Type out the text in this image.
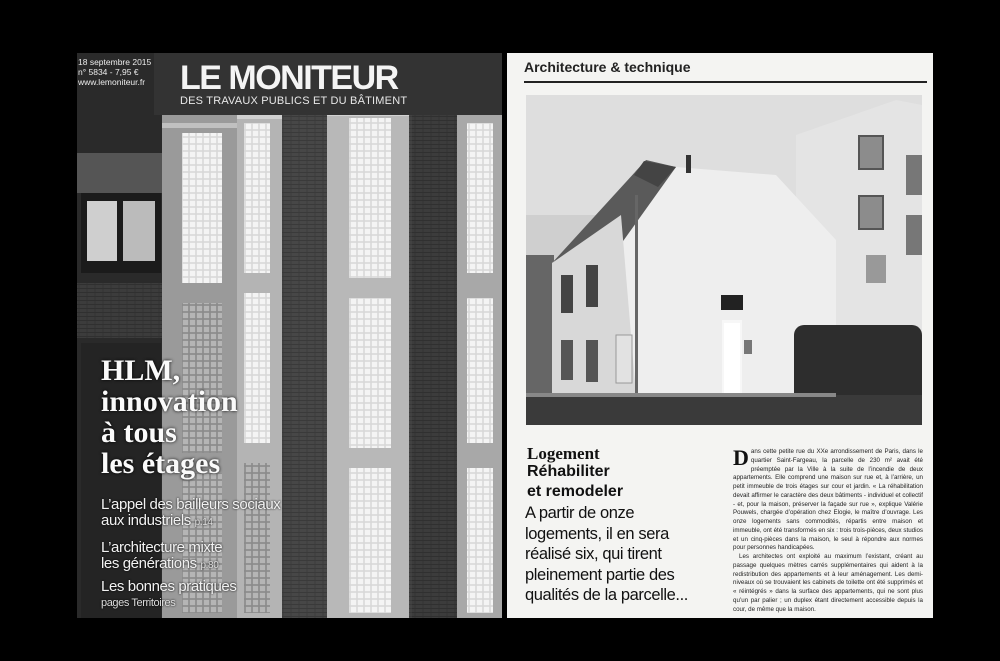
18 septembre 2015
n° 5834 - 7,95 €
www.lemoniteur.fr LE MONITEUR
DES TRAVAUX PUBLICS ET DU BÂTIMENT
HLM,
innovation
à tous
les étages
L’appel des bailleurs sociaux
aux industriels p.14
L’architecture mixte
les générations p.80
Les bonnes pratiques
pages Territoires
Architecture & technique
Logement
Réhabiliter
et remodeler
A partir de onze
logements, il en sera
réalisé six, qui tirent
pleinement partie des
qualités de la parcelle...

Dans cette petite rue du XXe arrondissement de Paris, dans le quartier Saint-Fargeau, la parcelle de 230 m² avait été préemptée par la Ville à la suite de l’incendie de deux appartements. Elle comprend une maison sur rue et, à l’arrière, un petit immeuble de trois étages sur cour et jardin. « La réhabilitation devait affirmer le caractère des deux bâtiments - individuel et collectif - et, pour la maison, préserver la façade sur rue », explique Valérie Pouwels, chargée d’opération chez Elogie, le maître d’ouvrage. Les onze logements sans commodités, répartis entre maison et immeuble, ont été transformés en six : trois trois-pièces, deux studios et un cinq-pièces dans la maison, le seul à répondre aux normes pour personnes handicapées.

Les architectes ont exploité au maximum l’existant, créant au passage quelques mètres carrés supplémentaires qui aident à la redistribution des appartements et à leur aménagement. Les demi-niveaux où se trouvaient les cabinets de toilette ont été supprimés et « réintégrés » dans la surface des appartements, qui ne sont plus qu’un par palier ; un duplex étant directement accessible depuis la cour, de même que la maison.
